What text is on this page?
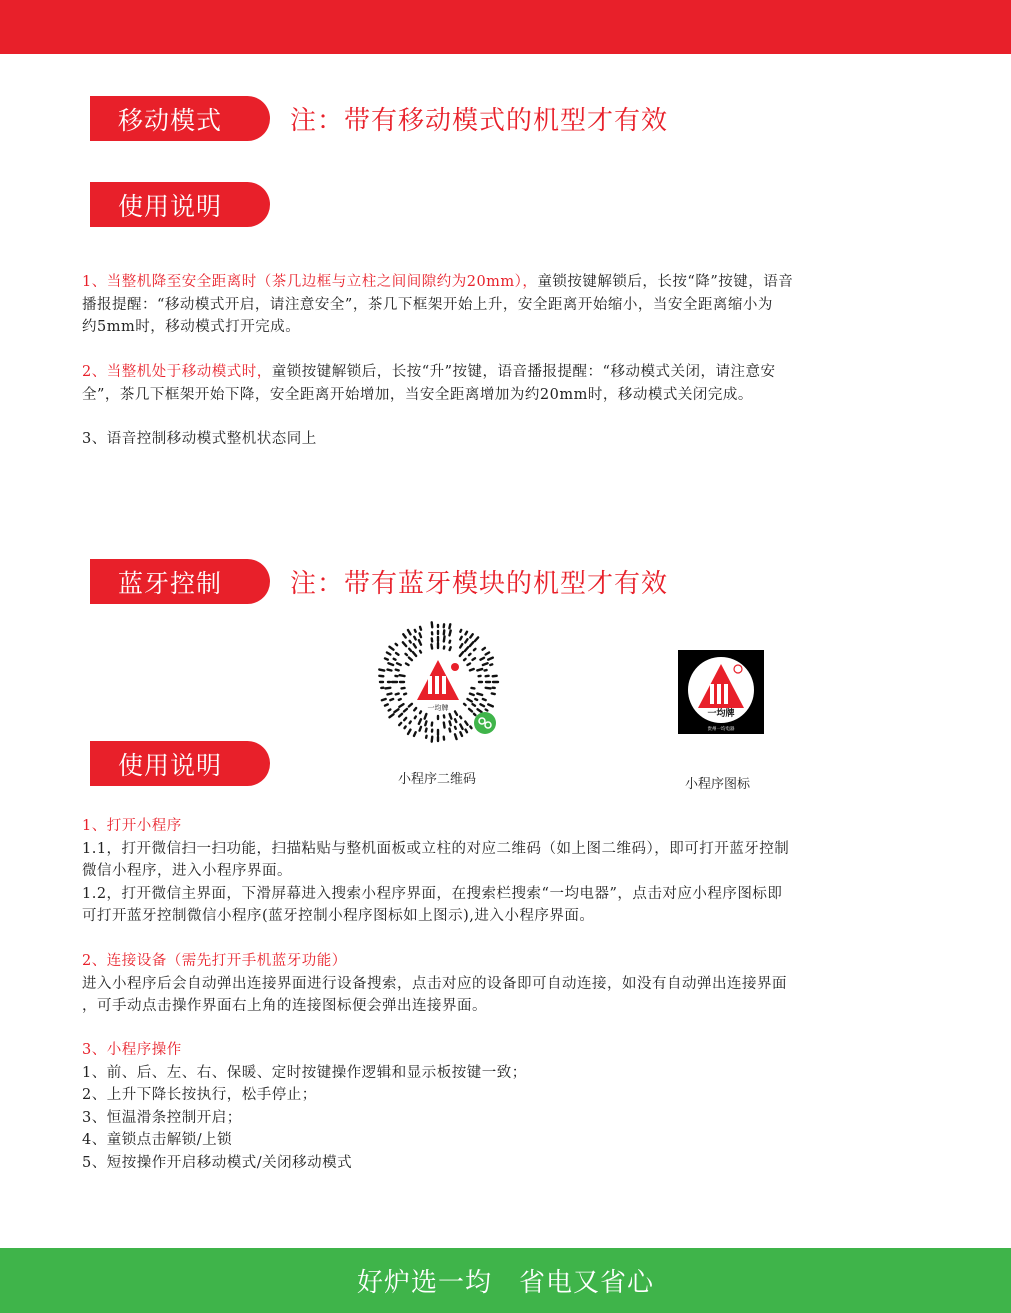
移动模式	注：带有移动模式的机型才有效
使用说明
1、当整机降至安全距离时（茶几边框与立柱之间间隙约为20mm），童锁按键解锁后，长按“降”按键，语音
播报提醒：“移动模式开启，请注意安全”，茶几下框架开始上升，安全距离开始缩小，当安全距离缩小为
约5mm时，移动模式打开完成。
2、当整机处于移动模式时，童锁按键解锁后，长按“升”按键，语音播报提醒：“移动模式关闭，请注意安
全”，茶几下框架开始下降，安全距离开始增加，当安全距离增加为约20mm时，移动模式关闭完成。
3、语音控制移动模式整机状态同上
蓝牙控制	注：带有蓝牙模块的机型才有效
一均牌
一均牌
贵州一均电器
使用说明	小程序二维码	小程序图标
1、打开小程序
1.1，打开微信扫一扫功能，扫描粘贴与整机面板或立柱的对应二维码（如上图二维码），即可打开蓝牙控制
微信小程序，进入小程序界面。
1.2，打开微信主界面，下滑屏幕进入搜索小程序界面，在搜索栏搜索“一均电器”，点击对应小程序图标即
可打开蓝牙控制微信小程序(蓝牙控制小程序图标如上图示),进入小程序界面。
2、连接设备（需先打开手机蓝牙功能）
进入小程序后会自动弹出连接界面进行设备搜索，点击对应的设备即可自动连接，如没有自动弹出连接界面
，可手动点击操作界面右上角的连接图标便会弹出连接界面。
3、小程序操作
1、前、后、左、右、保暖、定时按键操作逻辑和显示板按键一致；
2、上升下降长按执行，松手停止；
3、恒温滑条控制开启；
4、童锁点击解锁/上锁
5、短按操作开启移动模式/关闭移动模式
好炉选一均　省电又省心
